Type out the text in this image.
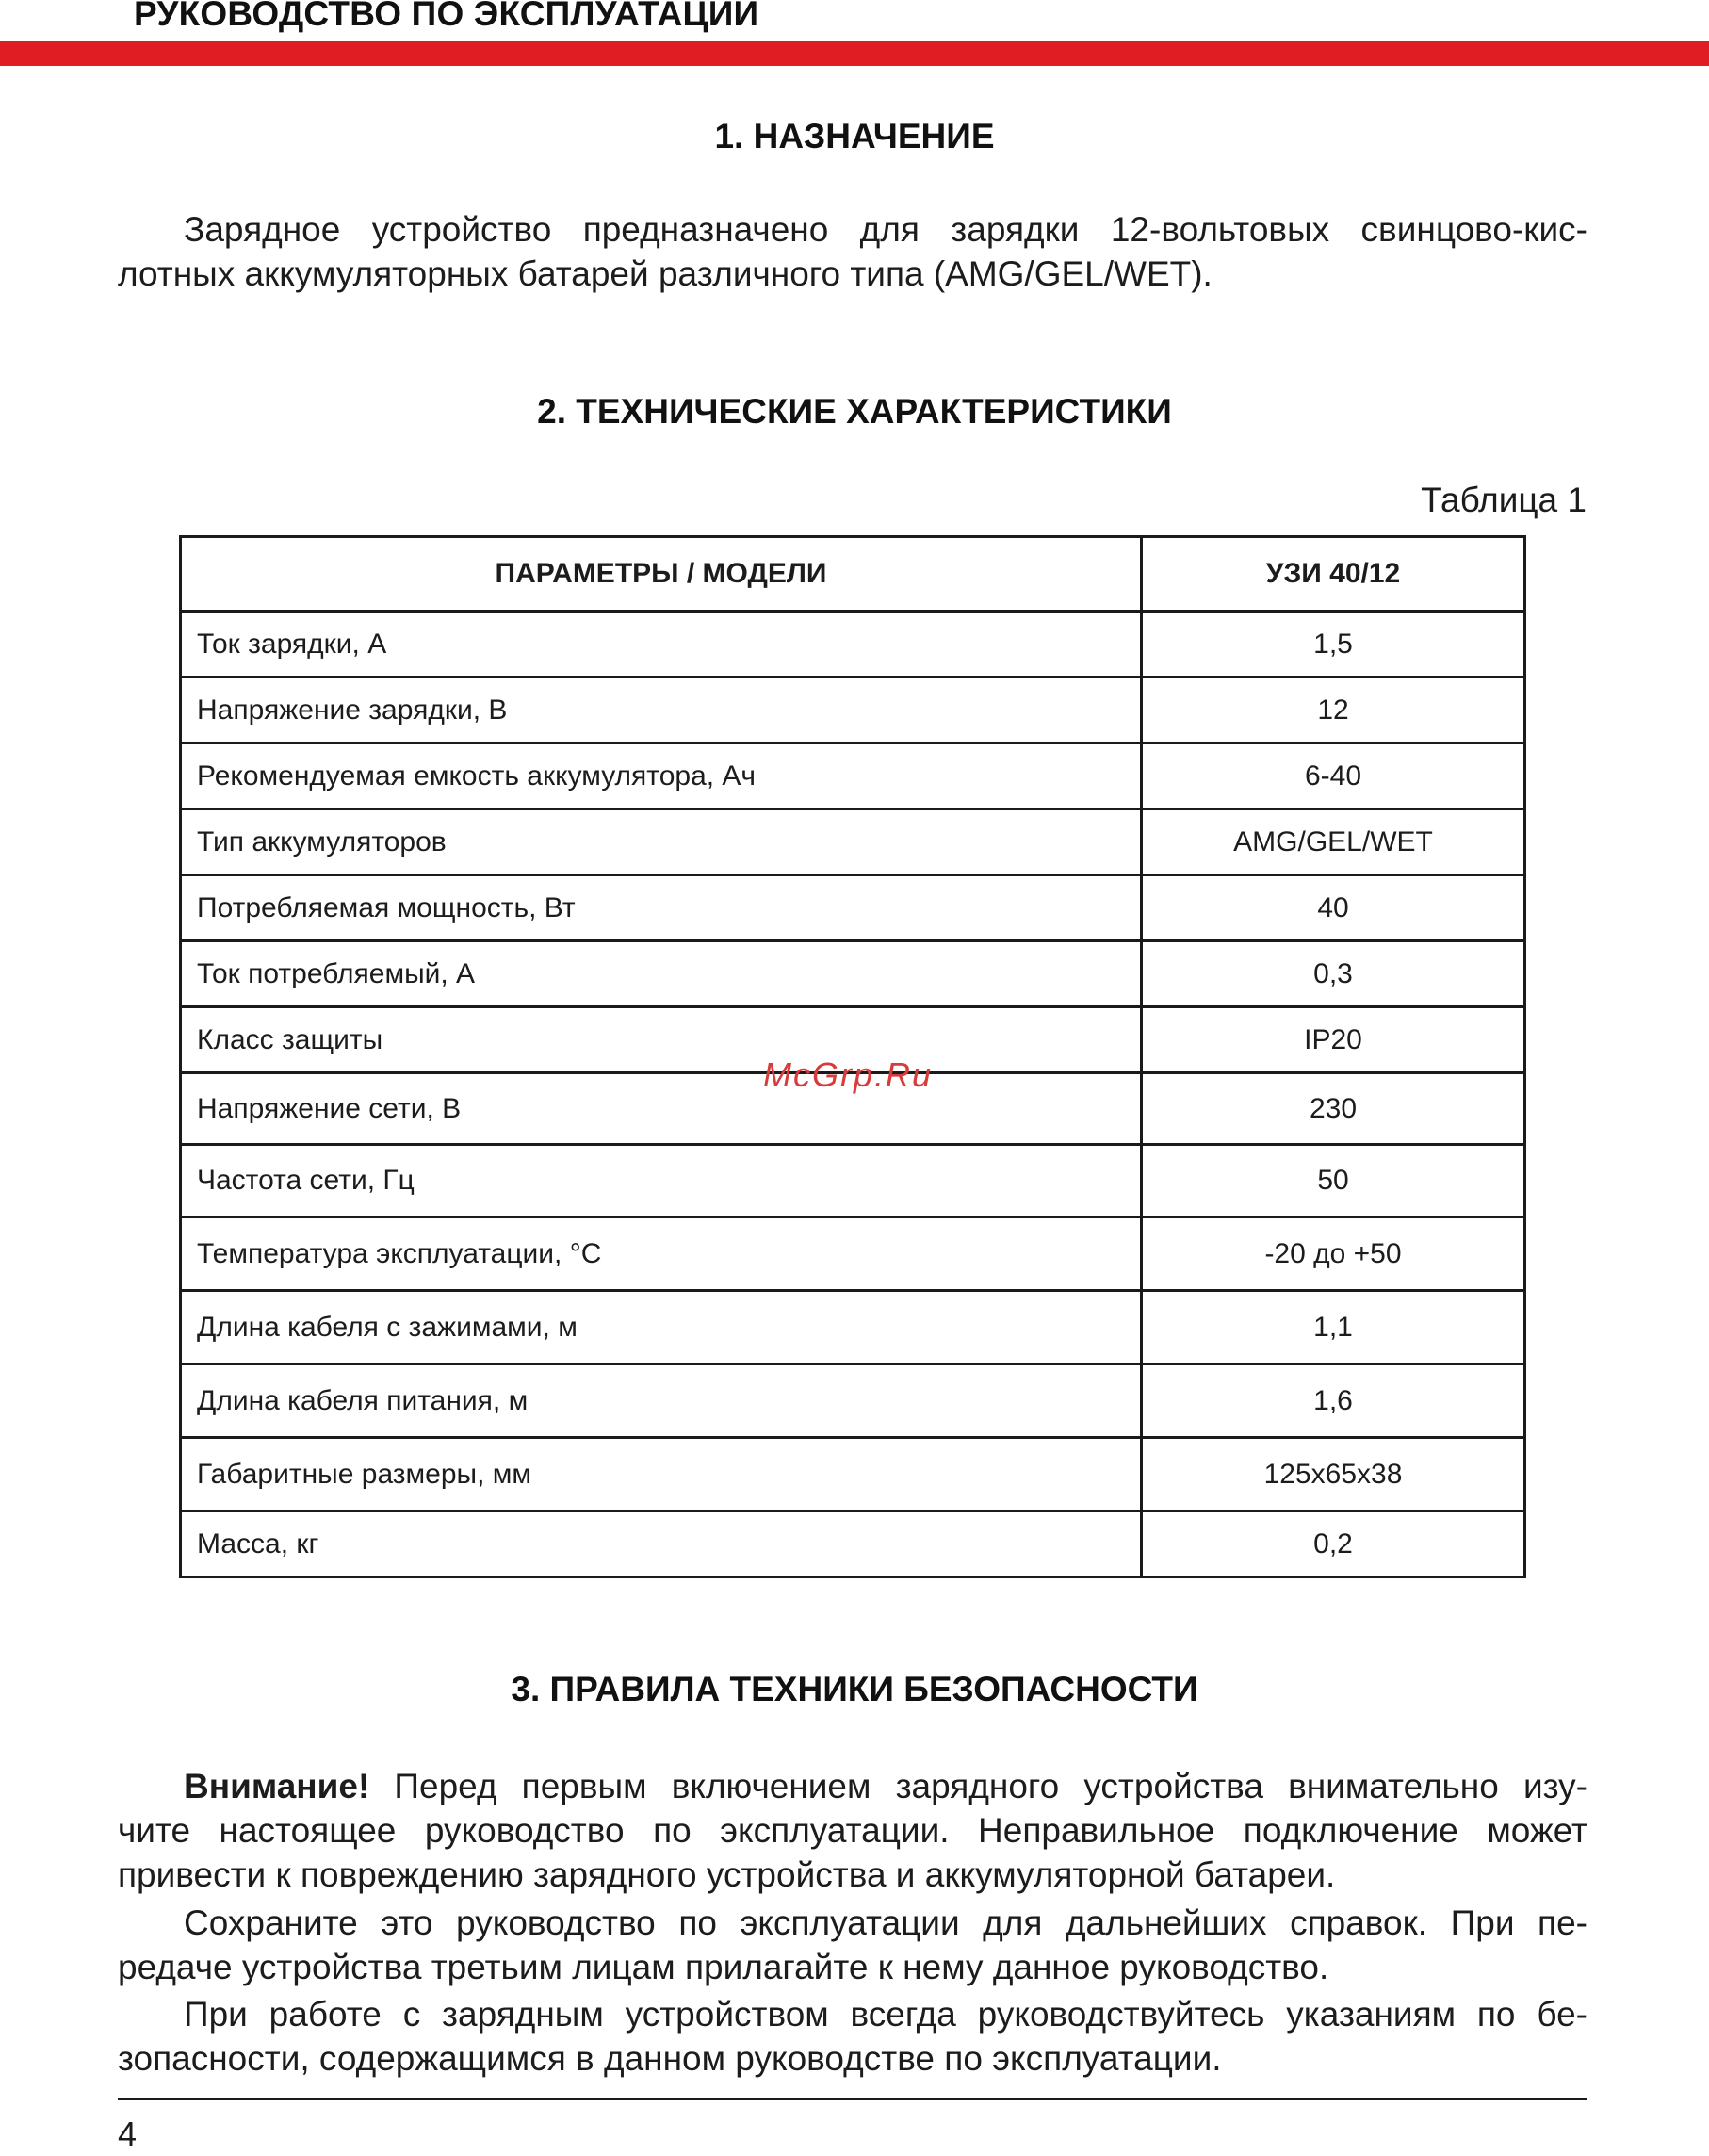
РУКОВОДСТВО ПО ЭКСПЛУАТАЦИИ
1. НАЗНАЧЕНИЕ
Зарядное устройство предназначено для зарядки 12-вольтовых свинцово-кис-
лотных аккумуляторных батарей различного типа (AMG/GEL/WET).
2. ТЕХНИЧЕСКИЕ ХАРАКТЕРИСТИКИ
Таблица 1
ПАРАМЕТРЫ / МОДЕЛИ	УЗИ 40/12
Ток зарядки, А	1,5
Напряжение зарядки, В	12
Рекомендуемая емкость аккумулятора, Ач	6-40
Тип аккумуляторов	AMG/GEL/WET
Потребляемая мощность, Вт	40
Ток потребляемый, А	0,3
Класс защиты	IP20
Напряжение сети, В	230
Частота сети, Гц	50
Температура эксплуатации, °С	-20 до +50
Длина кабеля с зажимами, м	1,1
Длина кабеля питания, м	1,6
Габаритные размеры, мм	125х65х38
Масса, кг	0,2
McGrp.Ru
3. ПРАВИЛА ТЕХНИКИ БЕЗОПАСНОСТИ
Внимание! Перед первым включением зарядного устройства внимательно изу-
чите настоящее руководство по эксплуатации. Неправильное подключение может
привести к повреждению зарядного устройства и аккумуляторной батареи.
Сохраните это руководство по эксплуатации для дальнейших справок. При пе-
редаче устройства третьим лицам прилагайте к нему данное руководство.
При работе с зарядным устройством всегда руководствуйтесь указаниям по бе-
зопасности, содержащимся в данном руководстве по эксплуатации.
4
